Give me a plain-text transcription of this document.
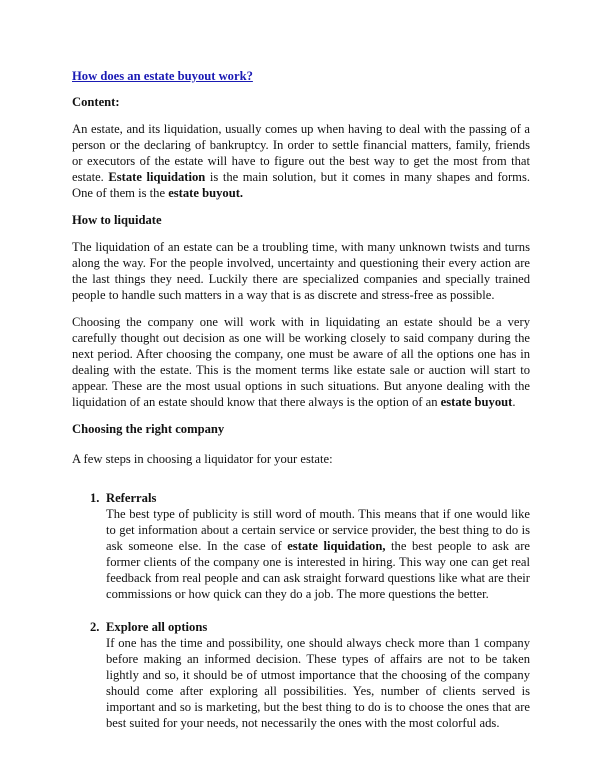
How does an estate buyout work?
Content:

An estate, and its liquidation, usually comes up when having to deal with the passing of a person or the declaring of bankruptcy. In order to settle financial matters, family, friends or executors of the estate will have to figure out the best way to get the most from that estate. Estate liquidation is the main solution, but it comes in many shapes and forms. One of them is the estate buyout.

How to liquidate

The liquidation of an estate can be a troubling time, with many unknown twists and turns along the way. For the people involved, uncertainty and questioning their every action are the last things they need. Luckily there are specialized companies and specially trained people to handle such matters in a way that is as discrete and stress-free as possible.

Choosing the company one will work with in liquidating an estate should be a very carefully thought out decision as one will be working closely to said company during the next period. After choosing the company, one must be aware of all the options one has in dealing with the estate. This is the moment terms like estate sale or auction will start to appear. These are the most usual options in such situations. But anyone dealing with the liquidation of an estate should know that there always is the option of an estate buyout.

Choosing the right company

A few steps in choosing a liquidator for your estate:

1. Referrals
The best type of publicity is still word of mouth. This means that if one would like to get information about a certain service or service provider, the best thing to do is ask someone else. In the case of estate liquidation, the best people to ask are former clients of the company one is interested in hiring. This way one can get real feedback from real people and can ask straight forward questions like what are their commissions or how quick can they do a job. The more questions the better.
2. Explore all options
If one has the time and possibility, one should always check more than 1 company before making an informed decision. These types of affairs are not to be taken lightly and so, it should be of utmost importance that the choosing of the company should come after exploring all possibilities. Yes, number of clients served is important and so is marketing, but the best thing to do is to choose the ones that are best suited for your needs, not necessarily the ones with the most colorful ads.
